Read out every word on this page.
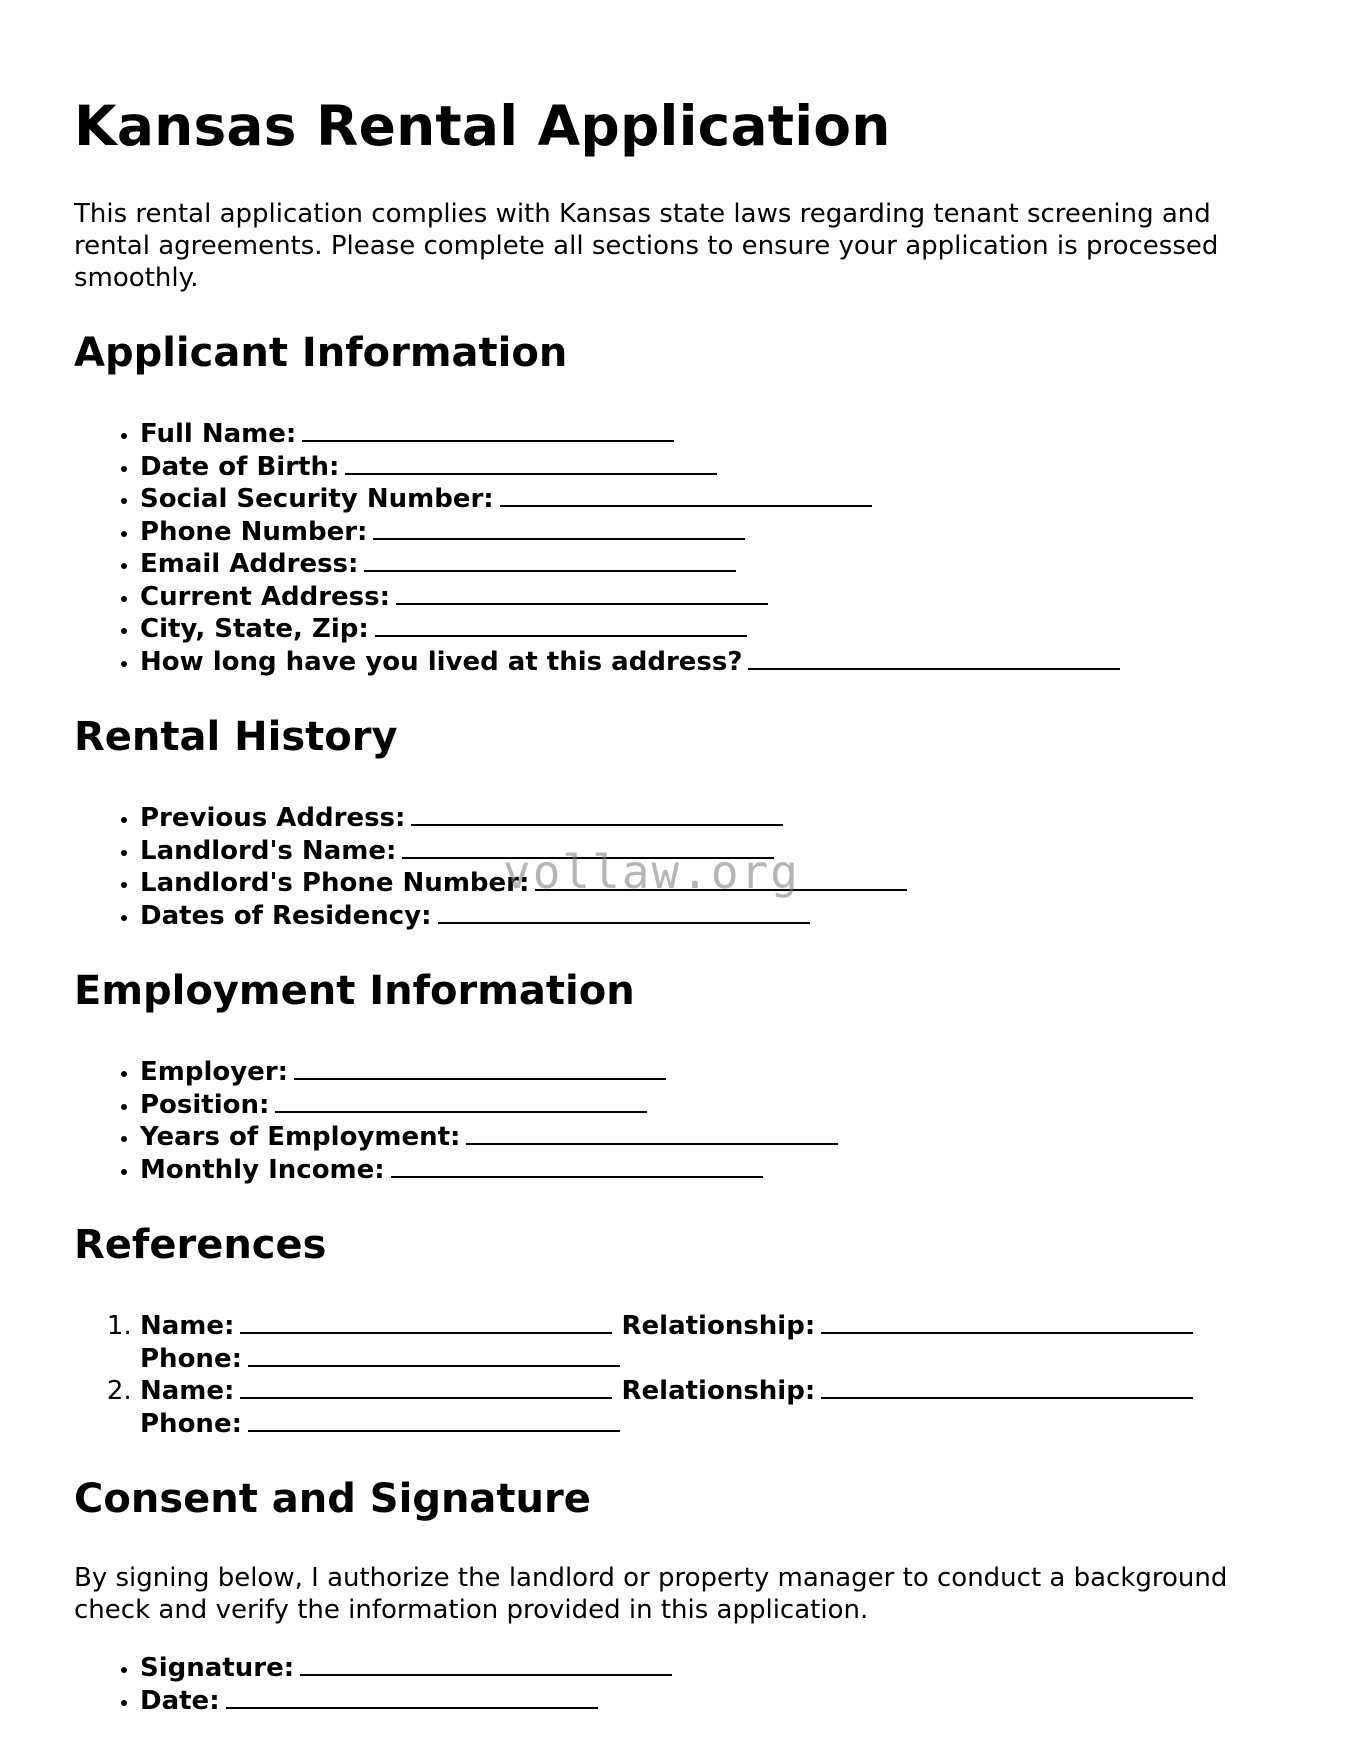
Kansas Rental Application

This rental application complies with Kansas state laws regarding tenant screening and rental agreements. Please complete all sections to ensure your application is processed smoothly.

Applicant Information
• Full Name:
• Date of Birth:
• Social Security Number:
• Phone Number:
• Email Address:
• Current Address:
• City, State, Zip:
• How long have you lived at this address?
Rental History
• Previous Address:
• Landlord's Name:
• Landlord's Phone Number:
• Dates of Residency:
Employment Information
• Employer:
• Position:
• Years of Employment:
• Monthly Income:
References
1. Name:	Relationship:
Phone:
2. Name:	Relationship:
Phone:
Consent and Signature

By signing below, I authorize the landlord or property manager to conduct a background check and verify the information provided in this application.

• Signature:
• Date:
vollaw.org
